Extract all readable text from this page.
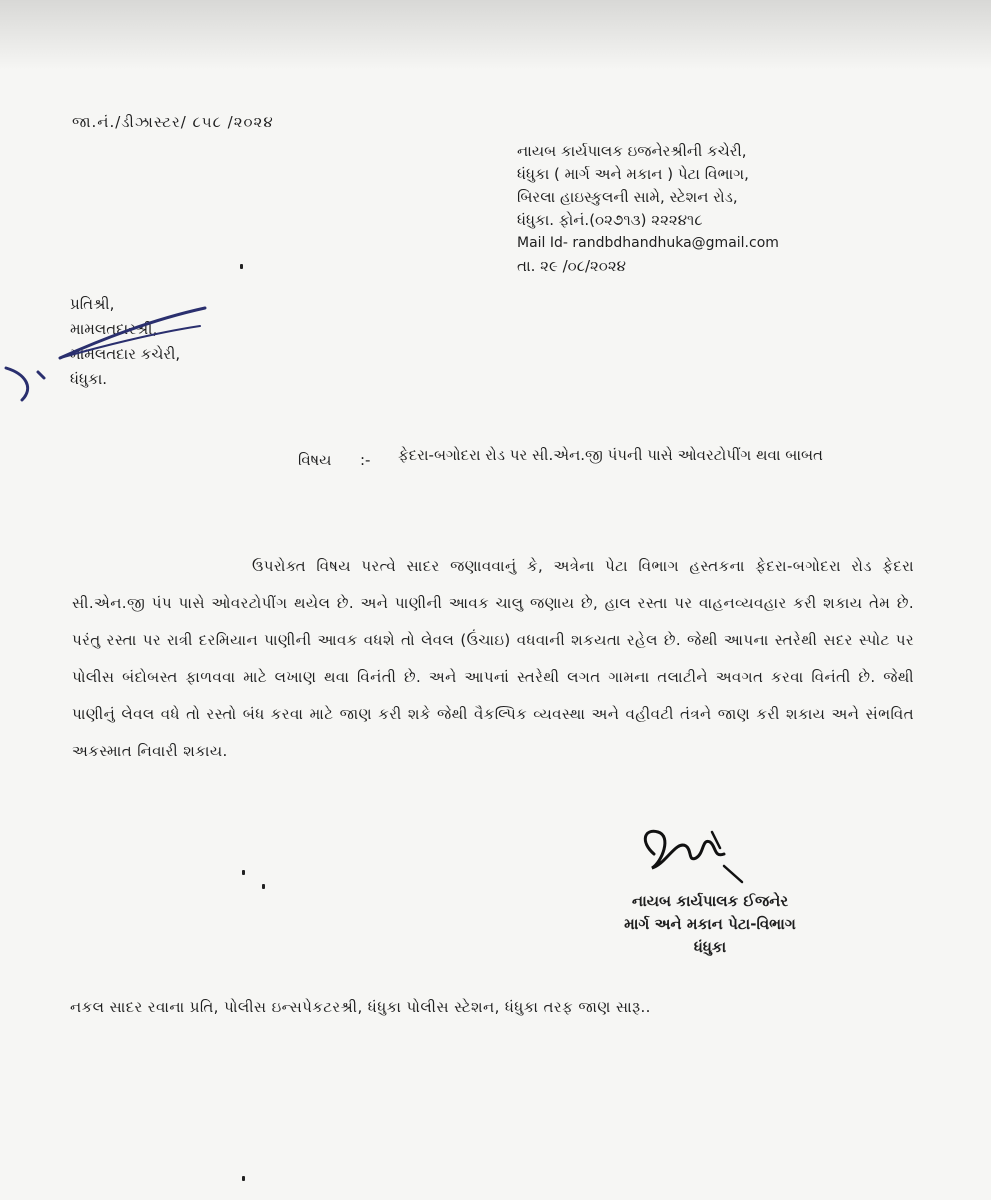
જા.નં./ડીઝાસ્ટર/ ૮૫૮ /૨૦૨૪
નાયબ કાર્યપાલક ઇજનેરશ્રીની કચેરી,
ધંધુકા ( માર્ગ અને મકાન ) પેટા વિભાગ,
બિરલા હાઇસ્કુલની સામે, સ્ટેશન રોડ,
ધંધુકા. ફોનં.(૦૨૭૧૩) ૨૨૨૪૧૮
Mail Id- randbdhandhuka@gmail.com
તા. ૨૯ /૦૮/૨૦૨૪
પ્રતિશ્રી,
મામલતદારશ્રી,
મામલતદાર કચેરી,
ધંધુકા.
વિષય :- ફેદરા-બગોદરા રોડ પર સી.એન.જી પંપની પાસે ઓવરટોપીંગ થવા બાબત
ઉપરોક્ત વિષય પરત્વે સાદર જણાવવાનું કે, અત્રેના પેટા વિભાગ હસ્તકના ફેદરા-બગોદરા રોડ ફેદરા સી.એન.જી પંપ પાસે ઓવરટોપીંગ થયેલ છે. અને પાણીની આવક ચાલુ જણાય છે, હાલ રસ્તા પર વાહનવ્યવહાર કરી શકાય તેમ છે. પરંતુ રસ્તા પર રાત્રી દરમિયાન પાણીની આવક વધશે તો લેવલ (ઉંચાઇ) વધવાની શકયતા રહેલ છે. જેથી આપના સ્તરેથી સદર સ્પોટ પર પોલીસ બંદોબસ્ત ફાળવવા માટે લખાણ થવા વિનંતી છે. અને આપનાં સ્તરેથી લગત ગામના તલાટીને અવગત કરવા વિનંતી છે. જેથી પાણીનું લેવલ વધે તો રસ્તો બંધ કરવા માટે જાણ કરી શકે જેથી વૈકલ્પિક વ્યવસ્થા અને વહીવટી તંત્રને જાણ કરી શકાય અને સંભવિત અકસ્માત નિવારી શકાય.
નાયબ કાર્યપાલક ઈજનેર
માર્ગ અને મકાન પેટા-વિભાગ
ધંધુકા
નકલ સાદર રવાના પ્રતિ, પોલીસ ઇન્સપેકટરશ્રી, ધંધુકા પોલીસ સ્ટેશન, ધંધુકા તરફ જાણ સારૂ..
